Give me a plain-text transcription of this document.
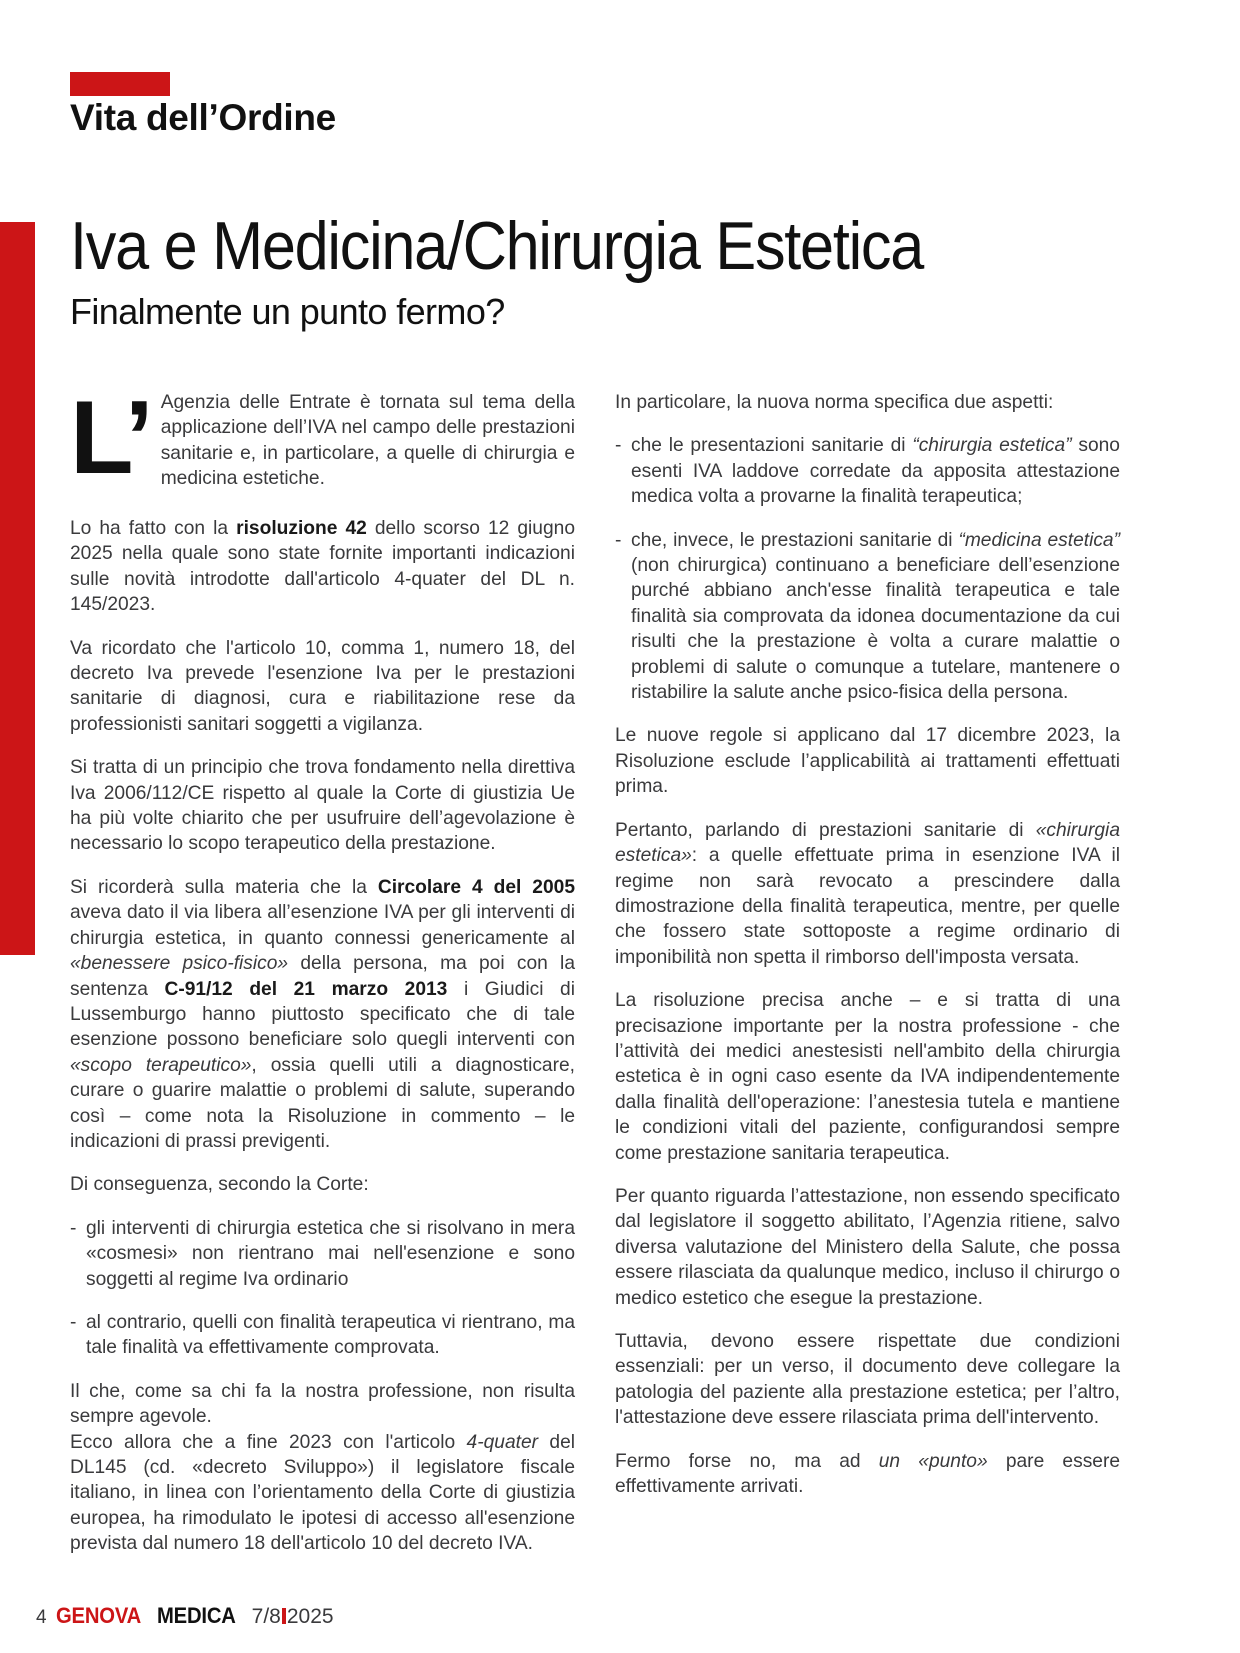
Vita dell’Ordine
Iva e Medicina/Chirurgia Estetica
Finalmente un punto fermo?

L’ Agenzia delle Entrate è tornata sul tema della applicazione dell’IVA nel campo delle prestazioni sanitarie e, in particolare, a quelle di chirurgia e medicina estetiche.

Lo ha fatto con la risoluzione 42 dello scorso 12 giugno 2025 nella quale sono state fornite importanti indicazioni sulle novità introdotte dall'articolo 4-quater del DL n. 145/2023.

Va ricordato che l'articolo 10, comma 1, numero 18, del decreto Iva prevede l'esenzione Iva per le prestazioni sanitarie di diagnosi, cura e riabilitazione rese da professionisti sanitari soggetti a vigilanza.

Si tratta di un principio che trova fondamento nella direttiva Iva 2006/112/CE rispetto al quale la Corte di giustizia Ue ha più volte chiarito che per usufruire dell’agevolazione è necessario lo scopo terapeutico della prestazione.

Si ricorderà sulla materia che la Circolare 4 del 2005 aveva dato il via libera all’esenzione IVA per gli interventi di chirurgia estetica, in quanto connessi genericamente al «benessere psico-fisico» della persona, ma poi con la sentenza C-91/12 del 21 marzo 2013 i Giudici di Lussemburgo hanno piuttosto specificato che di tale esenzione possono beneficiare solo quegli interventi con «scopo terapeutico», ossia quelli utili a diagnosticare, curare o guarire malattie o problemi di salute, superando così – come nota la Risoluzione in commento – le indicazioni di prassi previgenti.

Di conseguenza, secondo la Corte:

- gli interventi di chirurgia estetica che si risolvano in mera «cosmesi» non rientrano mai nell'esenzione e sono soggetti al regime Iva ordinario
- al contrario, quelli con finalità terapeutica vi rientrano, ma tale finalità va effettivamente comprovata.

Il che, come sa chi fa la nostra professione, non risulta sempre agevole.

Ecco allora che a fine 2023 con l'articolo 4-quater del DL145 (cd. «decreto Sviluppo») il legislatore fiscale italiano, in linea con l’orientamento della Corte di giustizia europea, ha rimodulato le ipotesi di accesso all'esenzione prevista dal numero 18 dell'articolo 10 del decreto IVA.

In particolare, la nuova norma specifica due aspetti:

- che le presentazioni sanitarie di “chirurgia estetica” sono esenti IVA laddove corredate da apposita attestazione medica volta a provarne la finalità terapeutica;
- che, invece, le prestazioni sanitarie di “medicina estetica” (non chirurgica) continuano a beneficiare dell’esenzione purché abbiano anch'esse finalità terapeutica e tale finalità sia comprovata da idonea documentazione da cui risulti che la prestazione è volta a curare malattie o problemi di salute o comunque a tutelare, mantenere o ristabilire la salute anche psico-fisica della persona.

Le nuove regole si applicano dal 17 dicembre 2023, la Risoluzione esclude l’applicabilità ai trattamenti effettuati prima.

Pertanto, parlando di prestazioni sanitarie di «chirurgia estetica»: a quelle effettuate prima in esenzione IVA il regime non sarà revocato a prescindere dalla dimostrazione della finalità terapeutica, mentre, per quelle che fossero state sottoposte a regime ordinario di imponibilità non spetta il rimborso dell'imposta versata.

La risoluzione precisa anche – e si tratta di una precisazione importante per la nostra professione - che l’attività dei medici anestesisti nell'ambito della chirurgia estetica è in ogni caso esente da IVA indipendentemente dalla finalità dell'operazione: l’anestesia tutela e mantiene le condizioni vitali del paziente, configurandosi sempre come prestazione sanitaria terapeutica.

Per quanto riguarda l’attestazione, non essendo specificato dal legislatore il soggetto abilitato, l’Agenzia ritiene, salvo diversa valutazione del Ministero della Salute, che possa essere rilasciata da qualunque medico, incluso il chirurgo o medico estetico che esegue la prestazione.

Tuttavia, devono essere rispettate due condizioni essenziali: per un verso, il documento deve collegare la patologia del paziente alla prestazione estetica; per l’altro, l'attestazione deve essere rilasciata prima dell'intervento.

Fermo forse no, ma ad un «punto» pare essere effettivamente arrivati.

4 GENOVA MEDICA 7/8 2025
